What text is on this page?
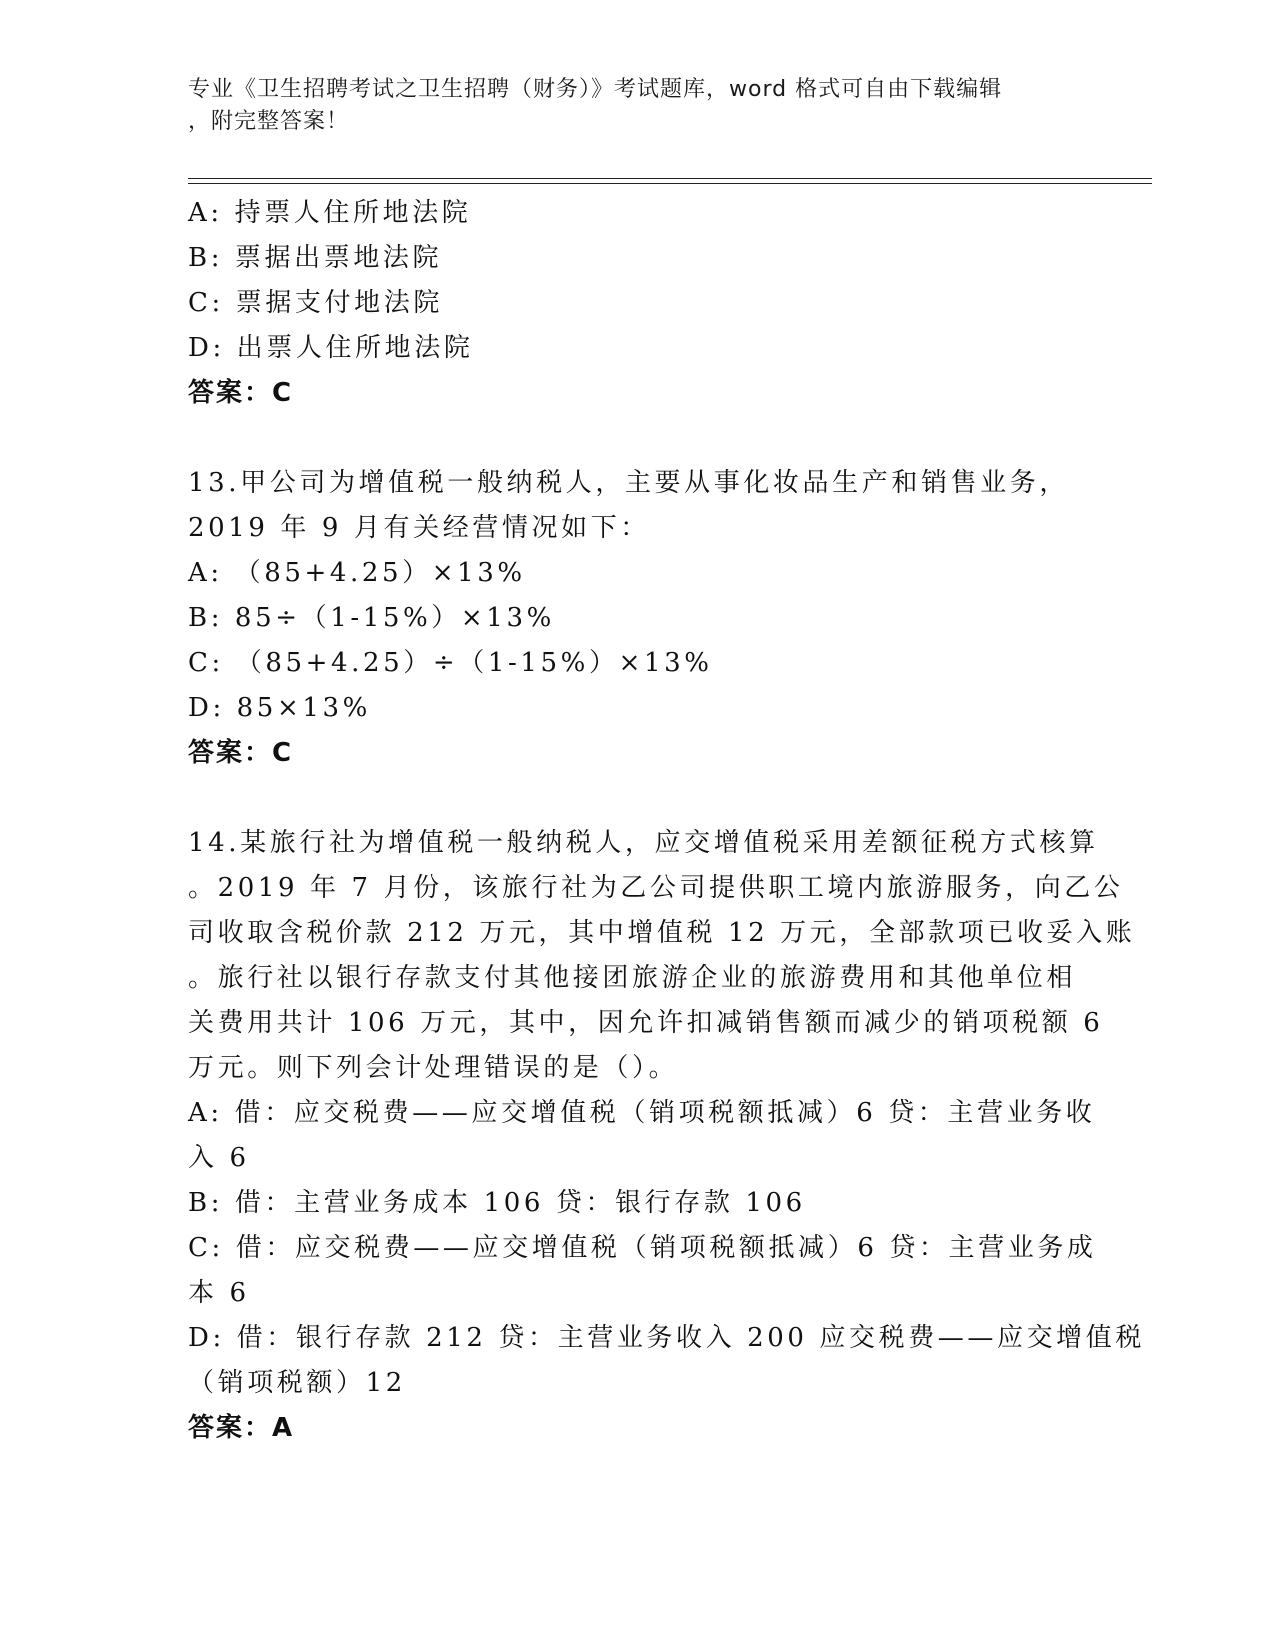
专业《卫生招聘考试之卫生招聘（财务）》考试题库，word 格式可自由下载编辑
，附完整答案！
A: 持票人住所地法院
B: 票据出票地法院
C: 票据支付地法院
D: 出票人住所地法院
答案：C
13.甲公司为增值税一般纳税人，主要从事化妆品生产和销售业务，
2019 年 9 月有关经营情况如下：
A: （85+4.25）×13%
B: 85÷（1-15%）×13%
C: （85+4.25）÷（1-15%）×13%
D: 85×13%
答案：C
14.某旅行社为增值税一般纳税人，应交增值税采用差额征税方式核算
。2019 年 7 月份，该旅行社为乙公司提供职工境内旅游服务，向乙公
司收取含税价款 212 万元，其中增值税 12 万元，全部款项已收妥入账
。旅行社以银行存款支付其他接团旅游企业的旅游费用和其他单位相
关费用共计 106 万元，其中，因允许扣减销售额而减少的销项税额 6
万元。则下列会计处理错误的是（）。
A: 借：应交税费——应交增值税（销项税额抵减）6 贷：主营业务收
入 6
B: 借：主营业务成本 106 贷：银行存款 106
C: 借：应交税费——应交增值税（销项税额抵减）6 贷：主营业务成
本 6
D: 借：银行存款 212 贷：主营业务收入 200 应交税费——应交增值税
（销项税额）12
答案：A
